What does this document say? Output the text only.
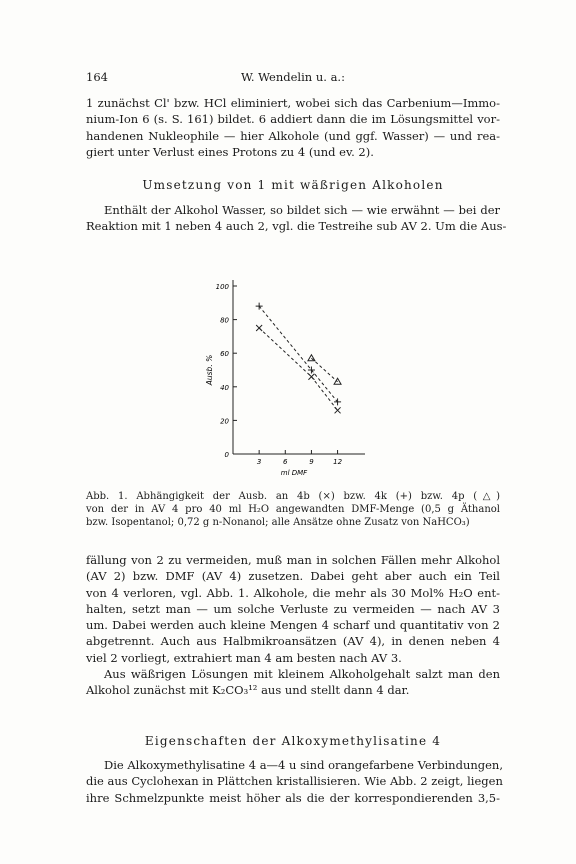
164	W. Wendelin u. a.:
1 zunächst Cl' bzw. HCl eliminiert, wobei sich das Carbenium—Immo-
nium-Ion 6 (s. S. 161) bildet. 6 addiert dann die im Lösungsmittel vor-
handenen Nukleophile — hier Alkohole (und ggf. Wasser) — und rea-
giert unter Verlust eines Protons zu 4 (und ev. 2).
Umsetzung von 1 mit wäßrigen Alkoholen
Enthält der Alkohol Wasser, so bildet sich — wie erwähnt — bei der
Reaktion mit 1 neben 4 auch 2, vgl. die Testreihe sub AV 2. Um die Aus-
0
20
40
60
80
100
3	6	9	12
ml DMF
Ausb. %
Abb. 1. Abhängigkeit der Ausb. an 4b (×) bzw. 4k (+) bzw. 4p (△)
von der in AV 4 pro 40 ml H₂O angewandten DMF-Menge (0,5 g Äthanol
bzw. Isopentanol; 0,72 g n-Nonanol; alle Ansätze ohne Zusatz von NaHCO₃)
fällung von 2 zu vermeiden, muß man in solchen Fällen mehr Alkohol
(AV 2) bzw. DMF (AV 4) zusetzen. Dabei geht aber auch ein Teil
von 4 verloren, vgl. Abb. 1. Alkohole, die mehr als 30 Mol% H₂O ent-
halten, setzt man — um solche Verluste zu vermeiden — nach AV 3
um. Dabei werden auch kleine Mengen 4 scharf und quantitativ von 2
abgetrennt. Auch aus Halbmikroansätzen (AV 4), in denen neben 4
viel 2 vorliegt, extrahiert man 4 am besten nach AV 3.
Aus wäßrigen Lösungen mit kleinem Alkoholgehalt salzt man den
Alkohol zunächst mit K₂CO₃¹² aus und stellt dann 4 dar.
Eigenschaften der Alkoxymethylisatine 4
Die Alkoxymethylisatine 4 a—4 u sind orangefarbene Verbindungen,
die aus Cyclohexan in Plättchen kristallisieren. Wie Abb. 2 zeigt, liegen
ihre Schmelzpunkte meist höher als die der korrespondierenden 3,5-
